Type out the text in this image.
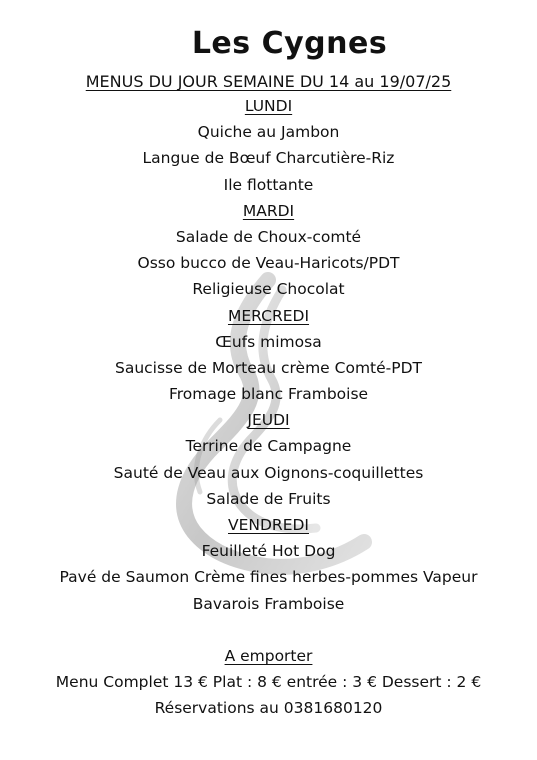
Les Cygnes
MENUS DU JOUR SEMAINE DU 14 au 19/07/25
LUNDI
Quiche au Jambon
Langue de Bœuf Charcutière-Riz
Ile flottante
MARDI
Salade de Choux-comté
Osso bucco de Veau-Haricots/PDT
Religieuse Chocolat
MERCREDI
Œufs mimosa
Saucisse de Morteau crème Comté-PDT
Fromage blanc Framboise
JEUDI
Terrine de Campagne
Sauté de Veau aux Oignons-coquillettes
Salade de Fruits
VENDREDI
Feuilleté Hot Dog
Pavé de Saumon Crème fines herbes-pommes Vapeur
Bavarois Framboise
A emporter
Menu Complet 13 € Plat : 8 € entrée : 3 € Dessert : 2 €
Réservations au 0381680120
